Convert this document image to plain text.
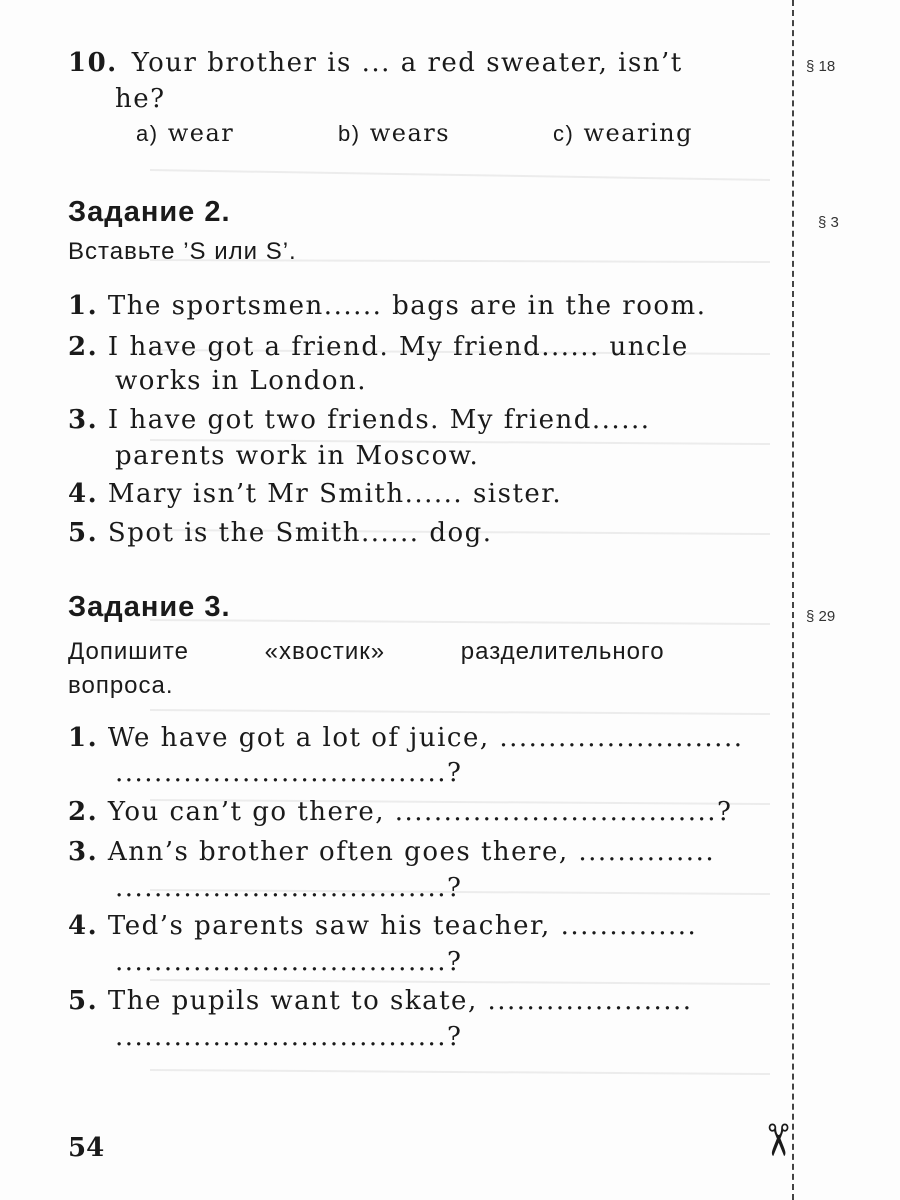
10. Your brother is ... a red sweater, isn’t
he?
a) wear	b) wears	c) wearing
§ 18
Задание 2.	§ 3
Вставьте ’S или S’.
1. The sportsmen...... bags are in the room.
2. I have got a friend. My friend...... uncle
works in London.
3. I have got two friends. My friend......
parents work in Moscow.
4. Mary isn’t Mr Smith...... sister.
5. Spot is the Smith...... dog.
Задание 3.	§ 29
Допишите «хвостик» разделительного
вопроса.
1. We have got a lot of juice, .........................
..................................?
2. You can’t go there, .................................?
3. Ann’s brother often goes there, ..............
..................................?
4. Ted’s parents saw his teacher, ..............
..................................?
5. The pupils want to skate, .....................
..................................?
54	✂
